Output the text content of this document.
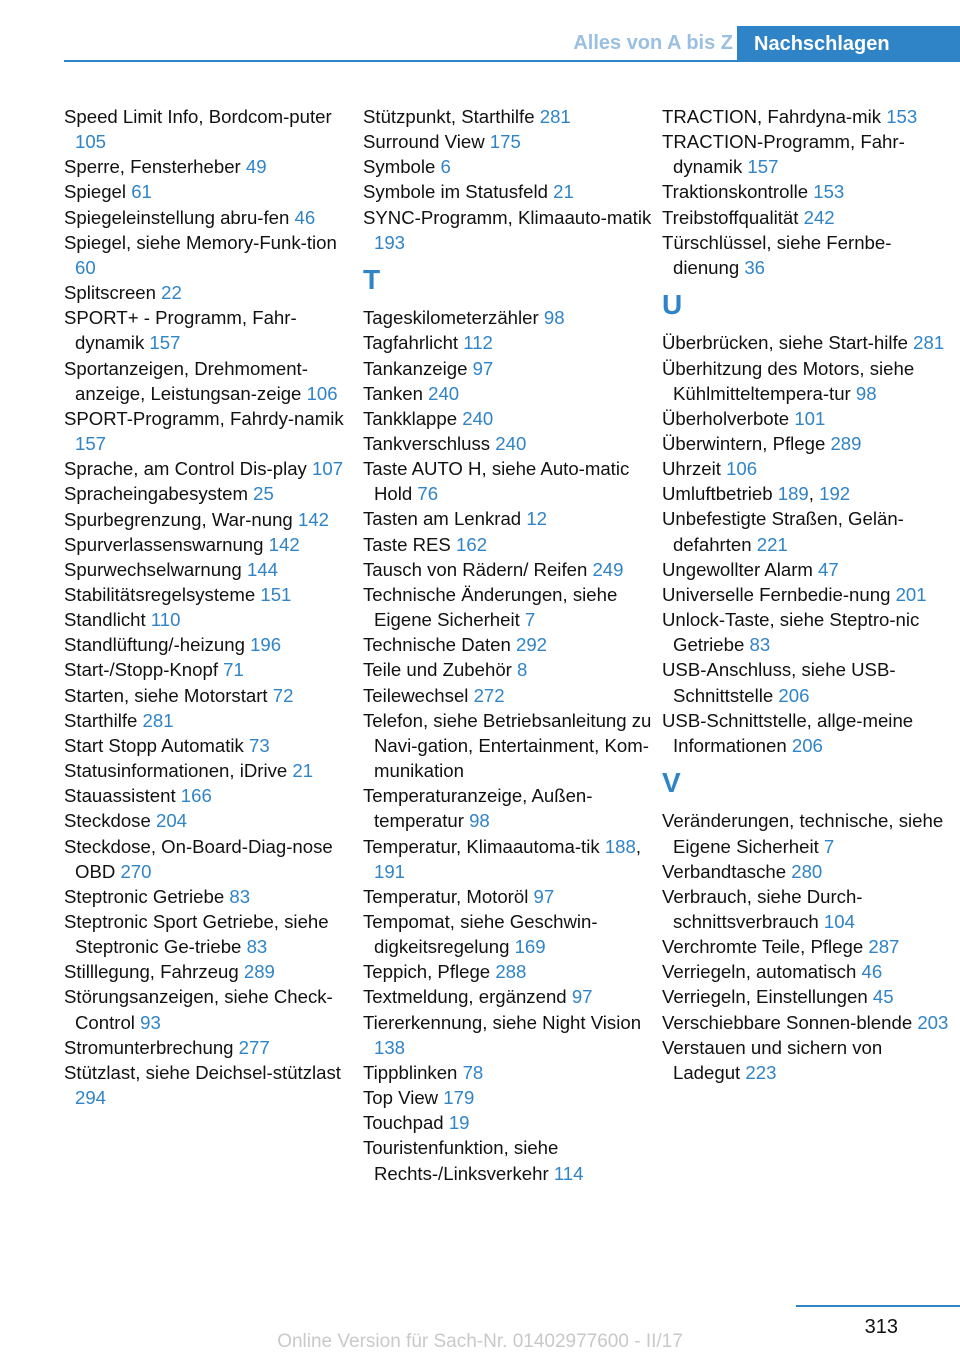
Alles von A bis Z	Nachschlagen
Speed Limit Info, Bordcom-puter 105
Sperre, Fensterheber 49
Spiegel 61
Spiegeleinstellung abru-fen 46
Spiegel, siehe Memory-Funk-tion 60
Splitscreen 22
SPORT+ - Programm, Fahr-dynamik 157
Sportanzeigen, Drehmoment-anzeige, Leistungsan-zeige 106
SPORT-Programm, Fahrdy-namik 157
Sprache, am Control Dis-play 107
Spracheingabesystem 25
Spurbegrenzung, War-nung 142
Spurverlassenswarnung 142
Spurwechselwarnung 144
Stabilitätsregelsysteme 151
Standlicht 110
Standlüftung/-heizung 196
Start-/Stopp-Knopf 71
Starten, siehe Motorstart 72
Starthilfe 281
Start Stopp Automatik 73
Statusinformationen, iDrive 21
Stauassistent 166
Steckdose 204
Steckdose, On-Board-Diag-nose OBD 270
Steptronic Getriebe 83
Steptronic Sport Getriebe, siehe Steptronic Ge-triebe 83
Stilllegung, Fahrzeug 289
Störungsanzeigen, siehe Check-Control 93
Stromunterbrechung 277
Stützlast, siehe Deichsel-stützlast 294
Stützpunkt, Starthilfe 281
Surround View 175
Symbole 6
Symbole im Statusfeld 21
SYNC-Programm, Klimaauto-matik 193
T
Tageskilometerzähler 98
Tagfahrlicht 112
Tankanzeige 97
Tanken 240
Tankklappe 240
Tankverschluss 240
Taste AUTO H, siehe Auto-matic Hold 76
Tasten am Lenkrad 12
Taste RES 162
Tausch von Rädern/ Reifen 249
Technische Änderungen, siehe Eigene Sicherheit 7
Technische Daten 292
Teile und Zubehör 8
Teilewechsel 272
Telefon, siehe Betriebsanleitung zu Navi-gation, Entertainment, Kom-munikation
Temperaturanzeige, Außen-temperatur 98
Temperatur, Klimaautoma-tik 188, 191
Temperatur, Motoröl 97
Tempomat, siehe Geschwin-digkeitsregelung 169
Teppich, Pflege 288
Textmeldung, ergänzend 97
Tiererkennung, siehe Night Vision 138
Tippblinken 78
Top View 179
Touchpad 19
Touristenfunktion, siehe Rechts-/Linksverkehr 114
TRACTION, Fahrdyna-mik 153
TRACTION-Programm, Fahr-dynamik 157
Traktionskontrolle 153
Treibstoffqualität 242
Türschlüssel, siehe Fernbe-dienung 36
U
Überbrücken, siehe Start-hilfe 281
Überhitzung des Motors, siehe Kühlmitteltempera-tur 98
Überholverbote 101
Überwintern, Pflege 289
Uhrzeit 106
Umluftbetrieb 189, 192
Unbefestigte Straßen, Gelän-defahrten 221
Ungewollter Alarm 47
Universelle Fernbedie-nung 201
Unlock-Taste, siehe Steptro-nic Getriebe 83
USB-Anschluss, siehe USB-Schnittstelle 206
USB-Schnittstelle, allge-meine Informationen 206
V
Veränderungen, technische, siehe Eigene Sicherheit 7
Verbandtasche 280
Verbrauch, siehe Durch-schnittsverbrauch 104
Verchromte Teile, Pflege 287
Verriegeln, automatisch 46
Verriegeln, Einstellungen 45
Verschiebbare Sonnen-blende 203
Verstauen und sichern von Ladegut 223
313
Online Version für Sach-Nr. 01402977600 - II/17
